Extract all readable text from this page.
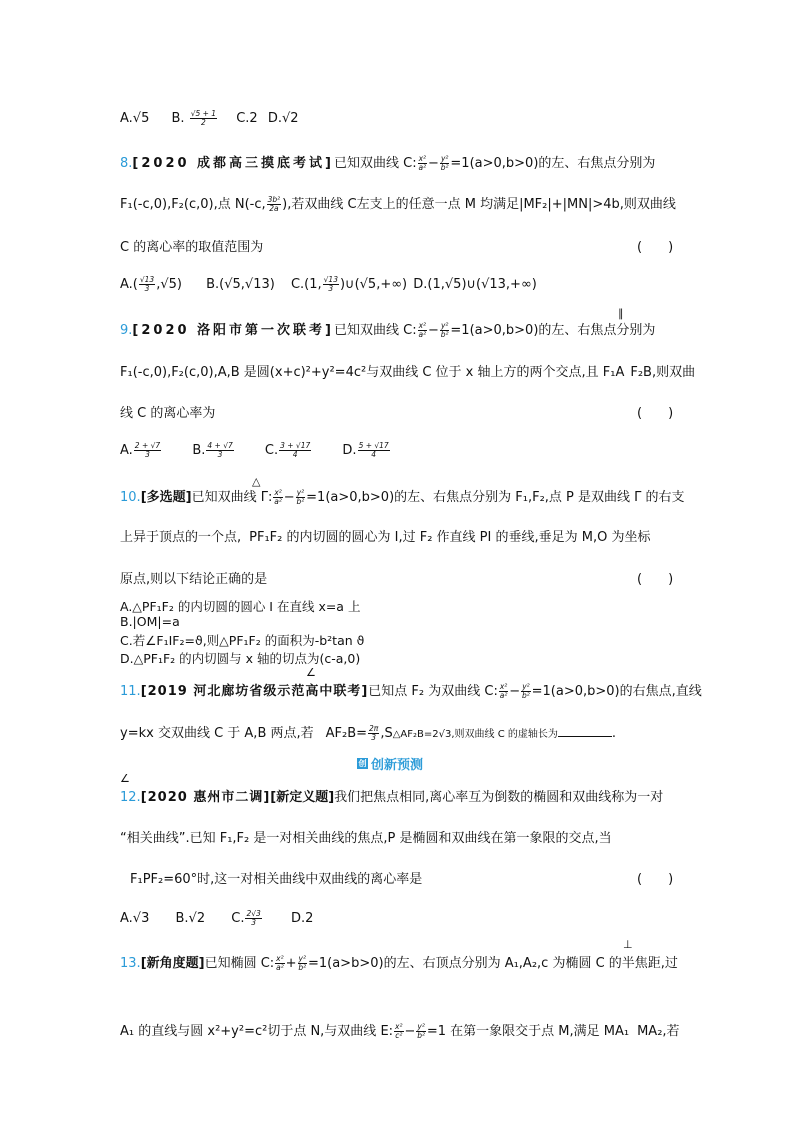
A.√5 B. $\frac{√5 + 1}{2} C.2$ D.√2
8.[2020 成都高三摸底考试]已知双曲线 C: $\frac{\text{x²}}{\text{a²}} - \frac{\text{y²}}{\text{b²}} =1(a>0,b>0)$的左、右焦点分别为
F₁(-c,0),F₂(c,0),点 N(-c, $\frac{\text{3b²}}{2a}$ ),若双曲线 C左支上的任意一点 M 均满足|MF₂|+|MN|>4b,则双曲线
C 的离心率的取值范围为	(　　)
$A.( \frac{√13}{3} ,√5)$ B.(√5,√13) C.(1, $\frac{√13}{3}$ )∪(√5,+∞) D.(1,√5)∪(√13,+∞)
9.[2020 洛阳市第一次联考]已知双曲线 C: $\frac{\text{x²}}{\text{a²}} - \frac{\text{y²}}{\text{b²}} =1(a>0,b>0)$的左、右焦点分别为
∥
F₁(-c,0),F₂(c,0),A,B 是圆(x+c)²+y²=4c²与双曲线 C 位于 x 轴上方的两个交点,且 F₁A F₂B,则双曲
线 C 的离心率为	(　　)
A. $\frac{2 + √7}{3} B$. $\frac{4 + √7}{3} C$. $\frac{3 + √17}{4} D$. $\frac{5 + √17}{4}$
△
10.[多选题]已知双曲线 Γ: $\frac{\text{x²}}{\text{a²}} - \frac{\text{y²}}{\text{b²}} =1(a>0,b>0)$的左、右焦点分别为 F₁,F₂,点 P 是双曲线 Γ 的右支
上异于顶点的一个点, PF₁F₂ 的内切圆的圆心为 I,过 F₂ 作直线 PI 的垂线,垂足为 M,O 为坐标
原点,则以下结论正确的是	(　　)
A.△PF₁F₂ 的内切圆的圆心 I 在直线 x=a 上
B.|OM|=a
C.若∠F₁IF₂=ϑ,则△PF₁F₂ 的面积为-b²tan ϑ
D.△PF₁F₂ 的内切圆与 x 轴的切点为(c-a,0)
∠
11.[2019 河北廊坊省级示范高中联考]已知点 F₂ 为双曲线 C: $\frac{\text{x²}}{\text{a²}} - \frac{\text{y²}}{\text{b²}} =1(a>0,b>0)$的右焦点,直线
y=kx 交双曲线 C 于 A,B 两点,若 $AF_2B= \frac{2\pi}{3}$ ,S△AF₂B=2√3,则双曲线 C 的虚轴长为	.
创 创新预测
∠
12.[2020 惠州市二调][新定义题]我们把焦点相同,离心率互为倒数的椭圆和双曲线称为一对
“相关曲线”.已知 F₁,F₂ 是一对相关曲线的焦点,P 是椭圆和双曲线在第一象限的交点,当
F₁PF₂=60°时,这一对相关曲线中双曲线的离心率是	(　　)
A.√3 B.√2 C. $\frac{2√3}{3} D.2$
⊥
13.[新角度题]已知椭圆 C: $\frac{\text{x²}}{\text{a²}} + \frac{\text{y²}}{\text{b²}} =1(a>b>0)$的左、右顶点分别为 A₁,A₂,c 为椭圆 C 的半焦距,过
A₁ 的直线与圆 x²+y²=c²切于点 N,与双曲线 E: $\frac{\text{x²}}{\text{c²}} - \frac{\text{y²}}{\text{b²}} =1$ 在第一象限交于点 M,满足 MA₁ MA₂,若
